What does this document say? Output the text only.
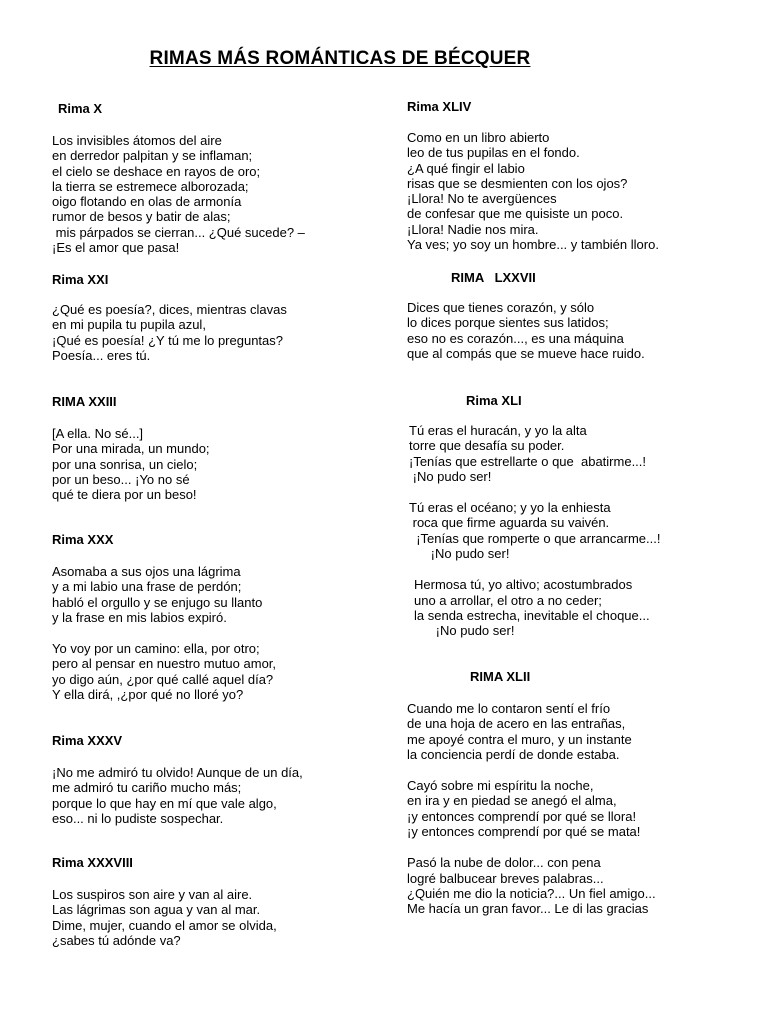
RIMAS MÁS ROMÁNTICAS DE BÉCQUER
Rima X
Los invisibles átomos del aire
en derredor palpitan y se inflaman;
el cielo se deshace en rayos de oro;
la tierra se estremece alborozada;
oigo flotando en olas de armonía
rumor de besos y batir de alas;
mis párpados se cierran... ¿Qué sucede? –
¡Es el amor que pasa!
Rima XXI
¿Qué es poesía?, dices, mientras clavas
en mi pupila tu pupila azul,
¡Qué es poesía! ¿Y tú me lo preguntas?
Poesía... eres tú.
RIMA XXIII
[A ella. No sé...]
Por una mirada, un mundo;
por una sonrisa, un cielo;
por un beso... ¡Yo no sé
qué te diera por un beso!
Rima XXX
Asomaba a sus ojos una lágrima
y a mi labio una frase de perdón;
habló el orgullo y se enjugo su llanto
y la frase en mis labios expiró.
Yo voy por un camino: ella, por otro;
pero al pensar en nuestro mutuo amor,
yo digo aún, ¿por qué callé aquel día?
Y ella dirá, ,¿por qué no lloré yo?
Rima XXXV
¡No me admiró tu olvido! Aunque de un día,
me admiró tu cariño mucho más;
porque lo que hay en mí que vale algo,
eso... ni lo pudiste sospechar.
Rima XXXVIII
Los suspiros son aire y van al aire.
Las lágrimas son agua y van al mar.
Dime, mujer, cuando el amor se olvida,
¿sabes tú adónde va?
Rima XLIV
Como en un libro abierto
leo de tus pupilas en el fondo.
¿A qué fingir el labio
risas que se desmienten con los ojos?
¡Llora! No te avergüences
de confesar que me quisiste un poco.
¡Llora! Nadie nos mira.
Ya ves; yo soy un hombre... y también lloro.
RIMA   LXXVII
Dices que tienes corazón, y sólo
lo dices porque sientes sus latidos;
eso no es corazón..., es una máquina
que al compás que se mueve hace ruido.
Rima XLI
Tú eras el huracán, y yo la alta
torre que desafía su poder.
¡Tenías que estrellarte o que  abatirme...!
¡No pudo ser!
Tú eras el océano; y yo la enhiesta
roca que firme aguarda su vaivén.
¡Tenías que romperte o que arrancarme...!
¡No pudo ser!
Hermosa tú, yo altivo; acostumbrados
uno a arrollar, el otro a no ceder;
la senda estrecha, inevitable el choque...
¡No pudo ser!
RIMA XLII
Cuando me lo contaron sentí el frío
de una hoja de acero en las entrañas,
me apoyé contra el muro, y un instante
la conciencia perdí de donde estaba.
Cayó sobre mi espíritu la noche,
en ira y en piedad se anegó el alma,
¡y entonces comprendí por qué se llora!
¡y entonces comprendí por qué se mata!
Pasó la nube de dolor... con pena
logré balbucear breves palabras...
¿Quién me dio la noticia?... Un fiel amigo...
Me hacía un gran favor... Le di las gracias
